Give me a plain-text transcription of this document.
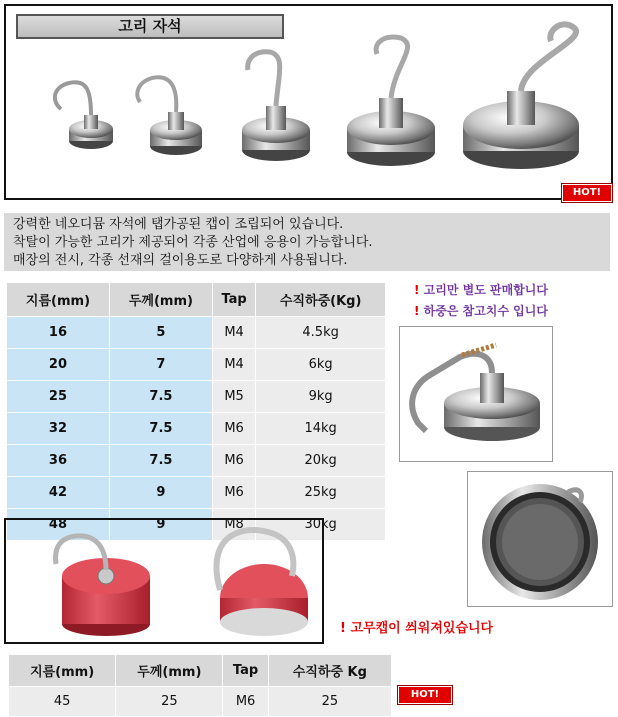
고리 자석
HOT!
강력한 네오디뮴 자석에 탭가공된 캡이 조립되어 있습니다.
착탈이 가능한 고리가 제공되어 각종 산업에 응용이 가능합니다.
매장의 전시, 각종 선재의 걸이용도로 다양하게 사용됩니다.
지름(mm)	두께(mm)	Tap	수직하중(Kg)
16	5	M4	4.5kg
20	7	M4	6kg
25	7.5	M5	9kg
32	7.5	M6	14kg
36	7.5	M6	20kg
42	9	M6	25kg
48	9	M8	30kg
! 고리만 별도 판매합니다
! 하중은 참고치수 입니다
! 고무캡이 씌워져있습니다
지름(mm)	두께(mm)	Tap	수직하중 Kg
45	25	M6	25	HOT!
